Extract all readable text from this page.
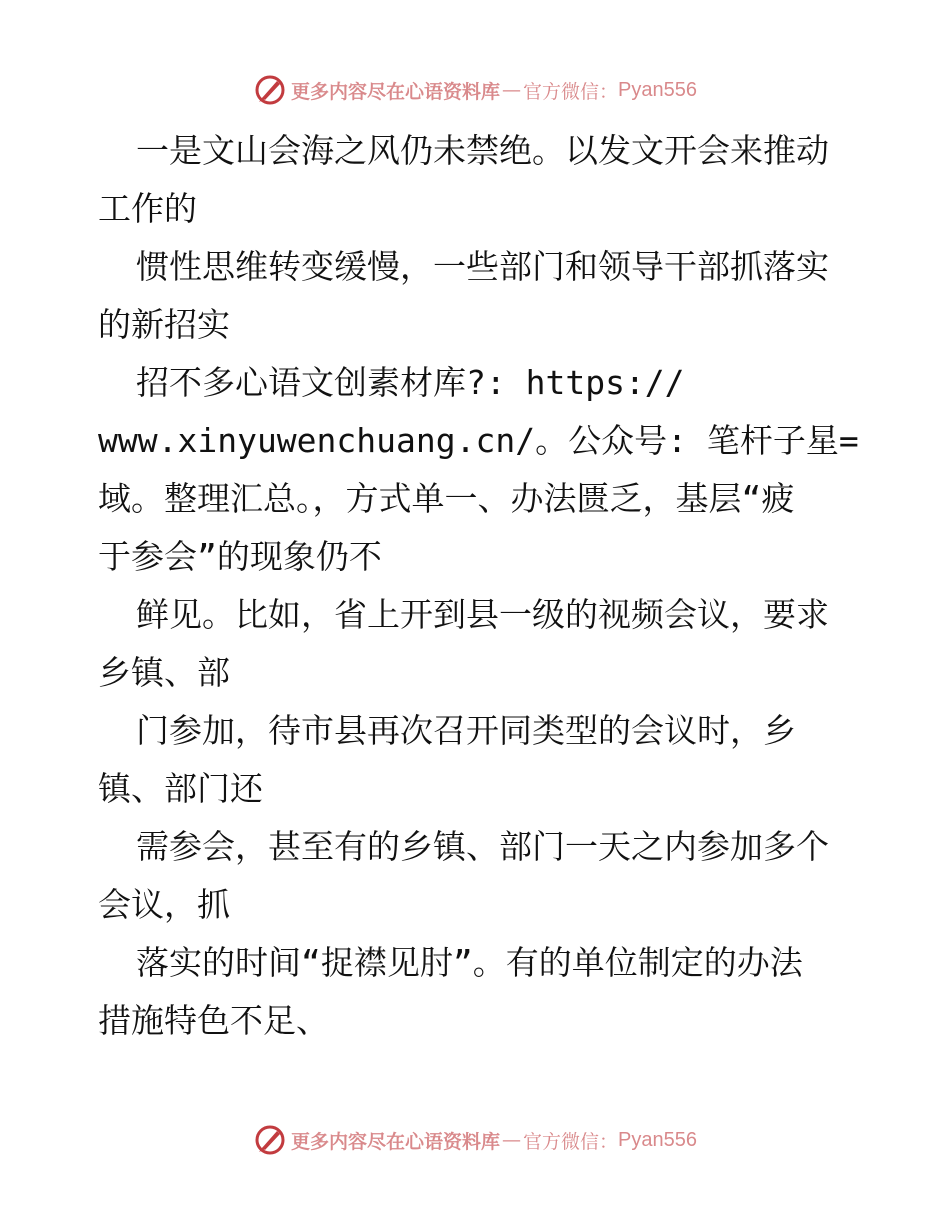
更多内容尽在心语资料库 — 官方微信： Pyan556
一是文山会海之风仍未禁绝。以发文开会来推动
工作的
惯性思维转变缓慢，一些部门和领导干部抓落实
的新招实
招不多心语文创素材库?: https://
www.xinyuwenchuang.cn/。公众号: 笔杆子星=
域。整理汇总。，方式单一、办法匮乏，基层“疲
于参会”的现象仍不
鲜见。比如，省上开到县一级的视频会议，要求
乡镇、部
门参加，待市县再次召开同类型的会议时，乡
镇、部门还
需参会，甚至有的乡镇、部门一天之内参加多个
会议，抓
落实的时间“捉襟见肘”。有的单位制定的办法
措施特色不足、
更多内容尽在心语资料库 — 官方微信： Pyan556
